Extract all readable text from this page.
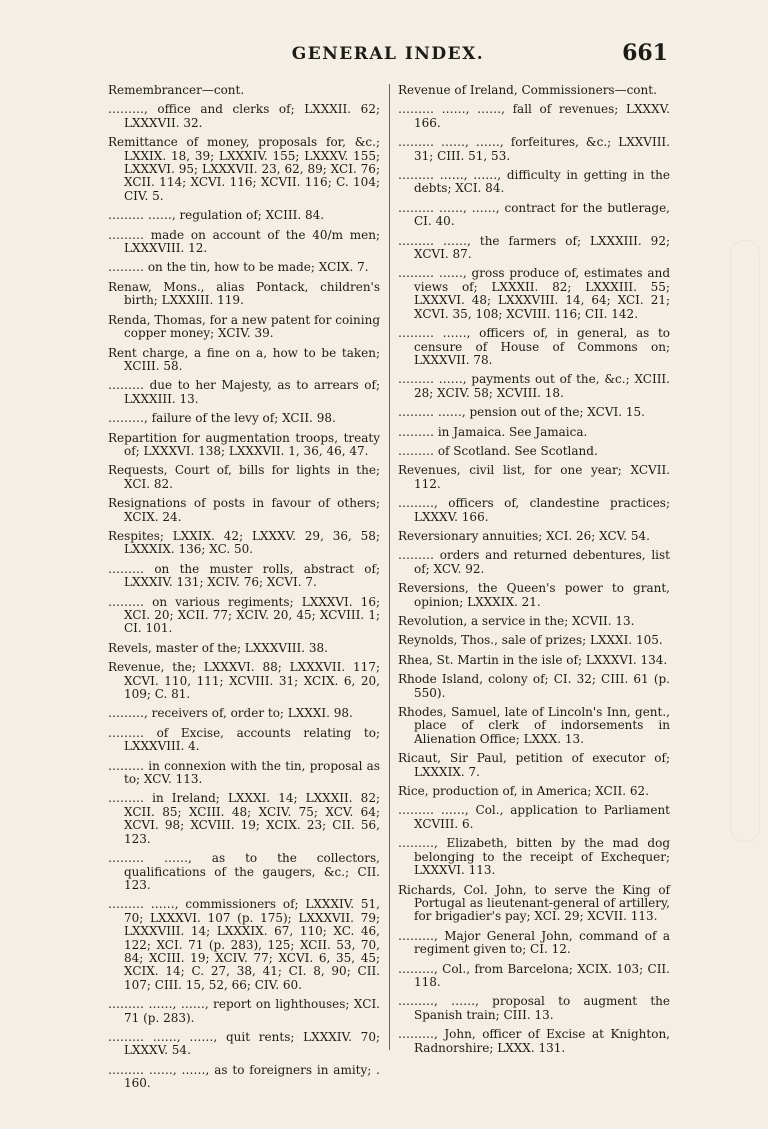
GENERAL INDEX.	661

Remembrancer—cont.

………, office and clerks of; LXXXII. 62; LXXXVII. 32.

Remittance of money, proposals for, &c.; LXXIX. 18, 39; LXXXIV. 155; LXXXV. 155; LXXXVI. 95; LXXXVII. 23, 62, 89; XCI. 76; XCII. 114; XCVI. 116; XCVII. 116; C. 104; CIV. 5.

……… ……, regulation of; XCIII. 84.

……… made on account of the 40/m men; LXXXVIII. 12.

……… on the tin, how to be made; XCIX. 7.

Renaw, Mons., alias Pontack, children's birth; LXXXIII. 119.

Renda, Thomas, for a new patent for coining copper money; XCIV. 39.

Rent charge, a fine on a, how to be taken; XCIII. 58.

……… due to her Majesty, as to arrears of; LXXXIII. 13.

………, failure of the levy of; XCII. 98.

Repartition for augmentation troops, treaty of; LXXXVI. 138; LXXXVII. 1, 36, 46, 47.

Requests, Court of, bills for lights in the; XCI. 82.

Resignations of posts in favour of others; XCIX. 24.

Respites; LXXIX. 42; LXXXV. 29, 36, 58; LXXXIX. 136; XC. 50.

……… on the muster rolls, abstract of; LXXXIV. 131; XCIV. 76; XCVI. 7.

……… on various regiments; LXXXVI. 16; XCI. 20; XCII. 77; XCIV. 20, 45; XCVIII. 1; CI. 101.

Revels, master of the; LXXXVIII. 38.

Revenue, the; LXXXVI. 88; LXXXVII. 117; XCVI. 110, 111; XCVIII. 31; XCIX. 6, 20, 109; C. 81.

………, receivers of, order to; LXXXI. 98.

……… of Excise, accounts relating to; LXXXVIII. 4.

……… in connexion with the tin, proposal as to; XCV. 113.

……… in Ireland; LXXXI. 14; LXXXII. 82; XCII. 85; XCIII. 48; XCIV. 75; XCV. 64; XCVI. 98; XCVIII. 19; XCIX. 23; CII. 56, 123.

……… ……, as to the collectors, qualifications of the gaugers, &c.; CII. 123.

……… ……, commissioners of; LXXXIV. 51, 70; LXXXVI. 107 (p. 175); LXXXVII. 79; LXXXVIII. 14; LXXXIX. 67, 110; XC. 46, 122; XCI. 71 (p. 283), 125; XCII. 53, 70, 84; XCIII. 19; XCIV. 77; XCVI. 6, 35, 45; XCIX. 14; C. 27, 38, 41; CI. 8, 90; CII. 107; CIII. 15, 52, 66; CIV. 60.

……… ……, ……, report on lighthouses; XCI. 71 (p. 283).

……… ……, ……, quit rents; LXXXIV. 70; LXXXV. 54.

……… ……, ……, as to foreigners in amity; . 160.

Revenue of Ireland, Commissioners—cont.

……… ……, ……, fall of revenues; LXXXV. 166.

……… ……, ……, forfeitures, &c.; LXXVIII. 31; CIII. 51, 53.

……… ……, ……, difficulty in getting in the debts; XCI. 84.

……… ……, ……, contract for the butlerage, CI. 40.

……… ……, the farmers of; LXXXIII. 92; XCVI. 87.

……… ……, gross produce of, estimates and views of; LXXXII. 82; LXXXIII. 55; LXXXVI. 48; LXXXVIII. 14, 64; XCI. 21; XCVI. 35, 108; XCVIII. 116; CII. 142.

……… ……, officers of, in general, as to censure of House of Commons on; LXXXVII. 78.

……… ……, payments out of the, &c.; XCIII. 28; XCIV. 58; XCVIII. 18.

……… ……, pension out of the; XCVI. 15.

……… in Jamaica. See Jamaica.

……… of Scotland. See Scotland.

Revenues, civil list, for one year; XCVII. 112.

………, officers of, clandestine practices; LXXXV. 166.

Reversionary annuities; XCI. 26; XCV. 54.

……… orders and returned debentures, list of; XCV. 92.

Reversions, the Queen's power to grant, opinion; LXXXIX. 21.

Revolution, a service in the; XCVII. 13.

Reynolds, Thos., sale of prizes; LXXXI. 105.

Rhea, St. Martin in the isle of; LXXXVI. 134.

Rhode Island, colony of; CI. 32; CIII. 61 (p. 550).

Rhodes, Samuel, late of Lincoln's Inn, gent., place of clerk of indorsements in Alienation Office; LXXX. 13.

Ricaut, Sir Paul, petition of executor of; LXXXIX. 7.

Rice, production of, in America; XCII. 62.

……… ……, Col., application to Parliament XCVIII. 6.

………, Elizabeth, bitten by the mad dog belonging to the receipt of Exchequer; LXXXVI. 113.

Richards, Col. John, to serve the King of Portugal as lieutenant-general of artillery, for brigadier's pay; XCI. 29; XCVII. 113.

………, Major General John, command of a regiment given to; CI. 12.

………, Col., from Barcelona; XCIX. 103; CII. 118.

………, ……, proposal to augment the Spanish train; CIII. 13.

………, John, officer of Excise at Knighton, Radnorshire; LXXX. 131.
